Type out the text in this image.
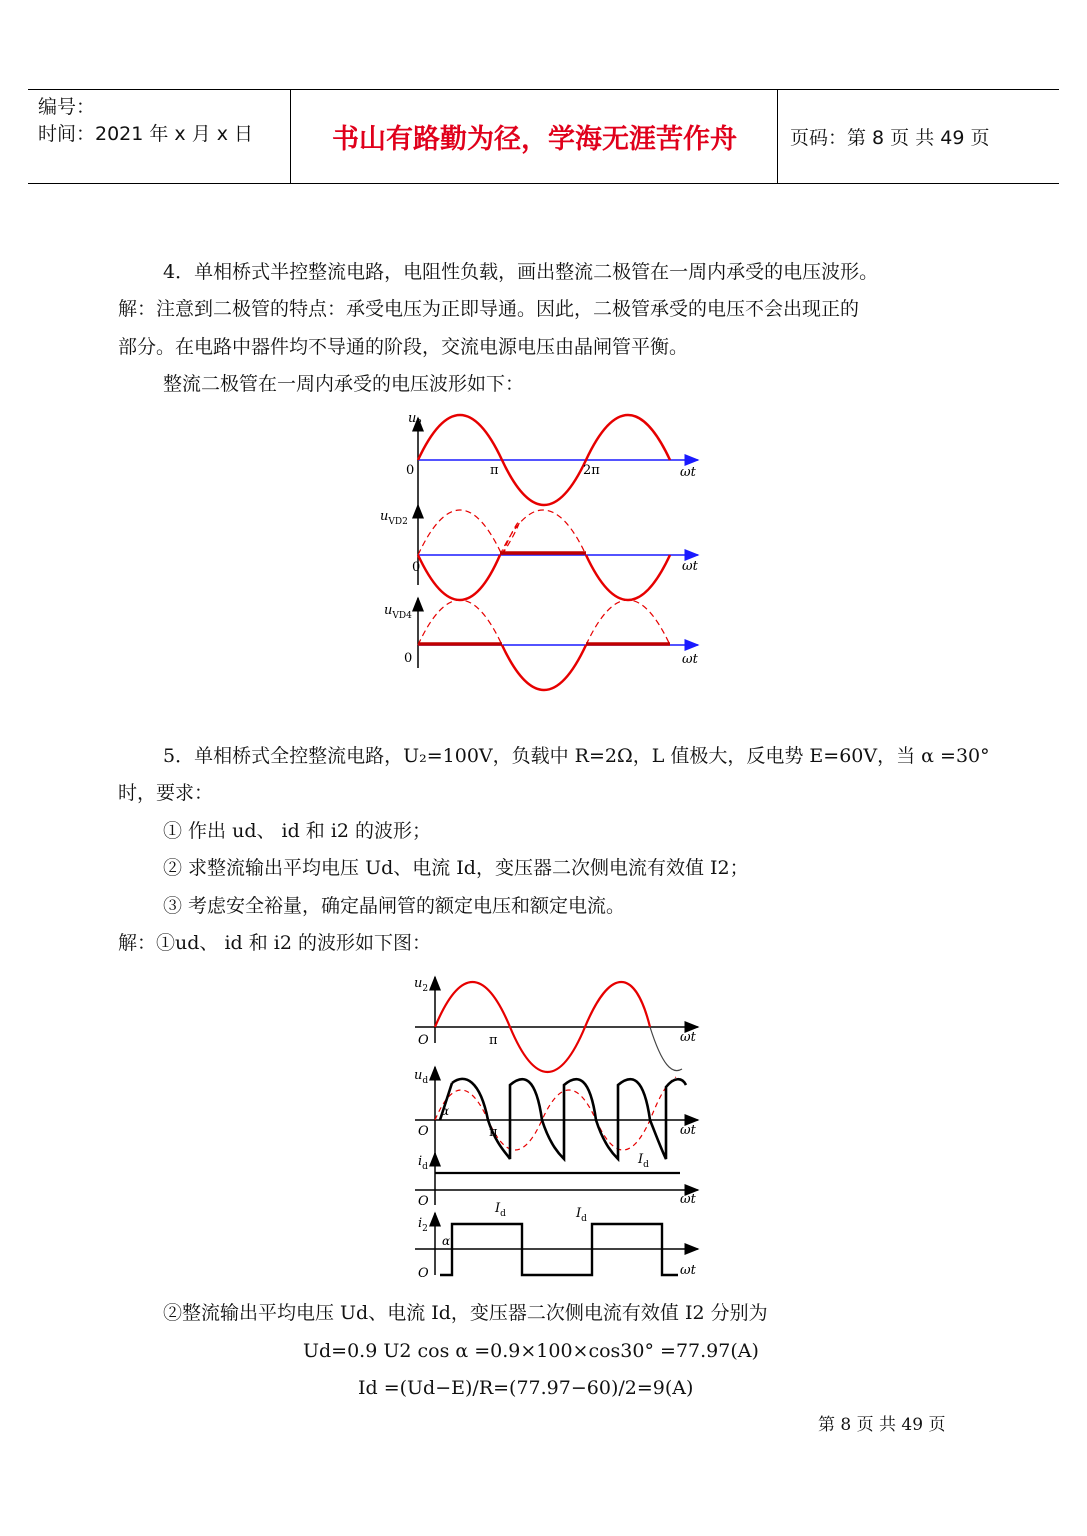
编号：
时间：2021 年 x 月 x 日	书山有路勤为径，学海无涯苦作舟	页码：第 8 页 共 49 页
4．单相桥式半控整流电路，电阻性负载，画出整流二极管在一周内承受的电压波形。
解：注意到二极管的特点：承受电压为正即导通。因此，二极管承受的电压不会出现正的
部分。在电路中器件均不导通的阶段，交流电源电压由晶闸管平衡。
整流二极管在一周内承受的电压波形如下：
$u_2$
0	π	2π	ωt
$u_{VD2}$
0	ωt
$u_{VD4}$
0	ωt
5．单相桥式全控整流电路，U₂=100V，负载中 R=2Ω，L 值极大，反电势 E=60V，当 α =30°
时，要求：
① 作出 ud、 id 和 i2 的波形；
② 求整流输出平均电压 Ud、电流 Id，变压器二次侧电流有效值 I2；
③ 考虑安全裕量，确定晶闸管的额定电压和额定电流。
解：①ud、 id 和 i2 的波形如下图：
$u_2$
O	π	ωt
$u_d$
α
O	π	ωt
$i_d$	$I_d$
O	ωt
$i_2$
α
$I_d$	$I_d$
O	ωt
②整流输出平均电压 Ud、电流 Id，变压器二次侧电流有效值 I2 分别为
Ud=0.9 U2 cos α =0.9×100×cos30° =77.97(A)
Id =(Ud−E)/R=(77.97−60)/2=9(A)
第 8 页 共 49 页
